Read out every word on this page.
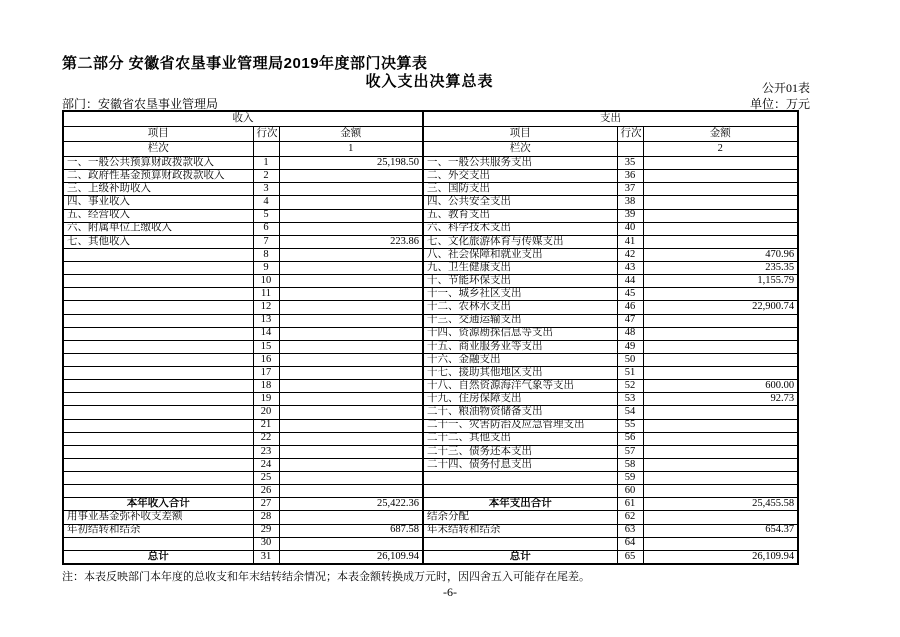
第二部分 安徽省农垦事业管理局2019年度部门决算表
收入支出决算总表	公开01表
部门：安徽省农垦事业管理局	单位：万元
收入			支出		
项目	行次	金额	项目	行次	金额
栏次		1	栏次		2
一、一般公共预算财政拨款收入	1	25,198.50	一、一般公共服务支出	35	
二、政府性基金预算财政拨款收入	2		二、外交支出	36	
三、上级补助收入	3		三、国防支出	37	
四、事业收入	4		四、公共安全支出	38	
五、经营收入	5		五、教育支出	39	
六、附属单位上缴收入	6		六、科学技术支出	40	
七、其他收入	7	223.86	七、文化旅游体育与传媒支出	41	
	8		八、社会保障和就业支出	42	470.96
	9		九、卫生健康支出	43	235.35
	10		十、节能环保支出	44	1,155.79
	11		十一、城乡社区支出	45	
	12		十二、农林水支出	46	22,900.74
	13		十三、交通运输支出	47	
	14		十四、资源勘探信息等支出	48	
	15		十五、商业服务业等支出	49	
	16		十六、金融支出	50	
	17		十七、援助其他地区支出	51	
	18		十八、自然资源海洋气象等支出	52	600.00
	19		十九、住房保障支出	53	92.73
	20		二十、粮油物资储备支出	54	
	21		二十一、灾害防治及应急管理支出	55	
	22		二十二、其他支出	56	
	23		二十三、债务还本支出	57	
	24		二十四、债务付息支出	58	
	25			59	
	26			60	
本年收入合计	27	25,422.36	本年支出合计	61	25,455.58
用事业基金弥补收支差额	28		结余分配	62	
年初结转和结余	29	687.58	年末结转和结余	63	654.37
	30			64	
总计	31	26,109.94	总计	65	26,109.94
注：本表反映部门本年度的总收支和年末结转结余情况；本表金额转换成万元时，因四舍五入可能存在尾差。
-6-
